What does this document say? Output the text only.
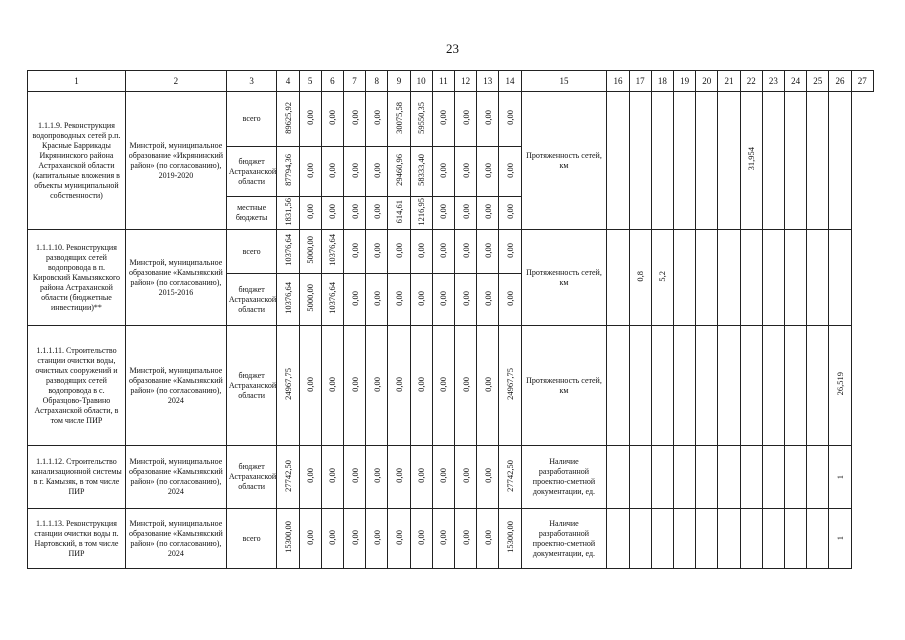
23
1	2	3	4	5	6	7	8	9	10	11	12	13	14	15	16	17	18	19	20	21	22	23	24	25	26	27
1.1.1.9. Реконструкция водопроводных сетей р.п. Красные Баррикады Икрянинского района Астраханской области (капитальные вложения в объекты муниципальной собственности)	Минстрой, муниципальное образование «Икрянинский район» (по согласованию), 2019-2020	всего	89625,92	0,00	0,00	0,00	0,00	30075,58	59550,35	0,00	0,00	0,00	0,00	Протяженность сетей, км							31,954					
		бюджет Астраханской области	87794,36	0,00	0,00	0,00	0,00	29460,96	58333,40	0,00	0,00	0,00	0,00													
		местные бюджеты	1831,56	0,00	0,00	0,00	0,00	614,61	1216,95	0,00	0,00	0,00	0,00													
1.1.1.10. Реконструкция разводящих сетей водопровода в п. Кировский Камызякского района Астраханской области (бюджетные инвестиции)**	Минстрой, муниципальное образование «Камызякский район» (по согласованию), 2015-2016	всего	10376,64	5000,00	10376,64	0,00	0,00	0,00	0,00	0,00	0,00	0,00	0,00	Протяженность сетей, км		0,8	5,2									
		бюджет Астраханской области	10376,64	5000,00	10376,64	0,00	0,00	0,00	0,00	0,00	0,00	0,00	0,00													
1.1.1.11. Строительство станции очистки воды, очистных сооружений и разводящих сетей водопровода в с. Образцово-Травино Астраханской области, в том числе ПИР	Минстрой, муниципальное образование «Камызякский район» (по согласованию), 2024	бюджет Астраханской области	24967,75	0,00	0,00	0,00	0,00	0,00	0,00	0,00	0,00	0,00	24967,75	Протяженность сетей, км											26,519	
1.1.1.12. Строительство канализационной системы в г. Камызяк, в том числе ПИР	Минстрой, муниципальное образование «Камызякский район» (по согласованию), 2024	бюджет Астраханской области	27742,50	0,00	0,00	0,00	0,00	0,00	0,00	0,00	0,00	0,00	27742,50	Наличие разработанной проектно-сметной документации, ед.											1	
1.1.1.13. Реконструкция станции очистки воды п. Нартовский, в том числе ПИР	Минстрой, муниципальное образование «Камызякский район» (по согласованию), 2024	всего	15300,00	0,00	0,00	0,00	0,00	0,00	0,00	0,00	0,00	0,00	15300,00	Наличие разработанной проектно-сметной документации, ед.											1	
